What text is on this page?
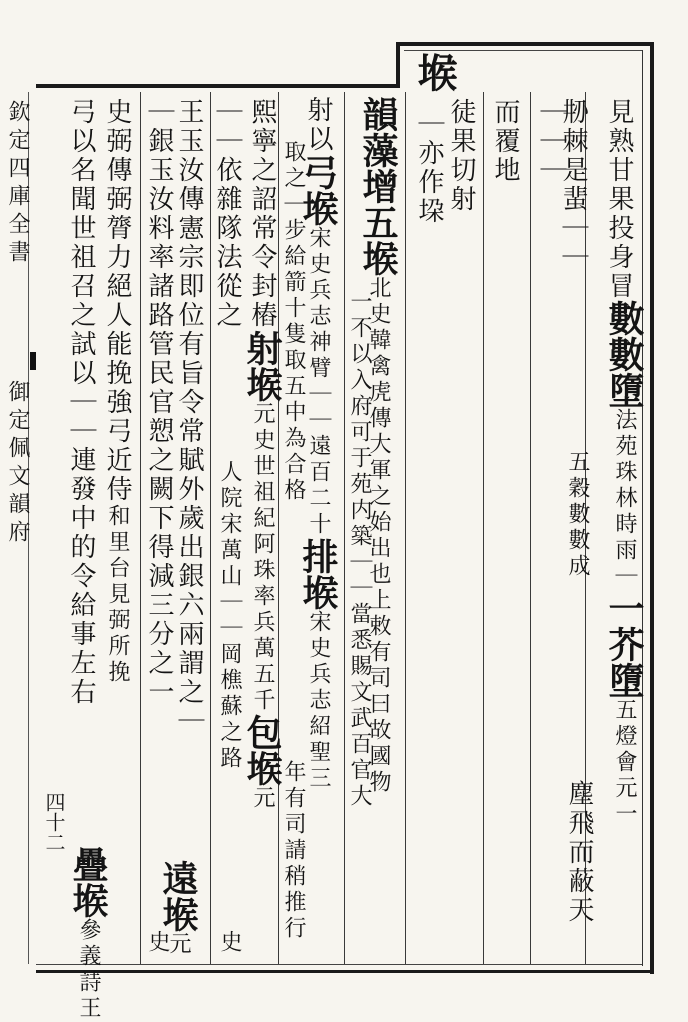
欽定四庫全書
御定佩文韻府
四十二
堠
見熟甘果投身冒
數數墮法苑珠林時雨｜一芥墮五燈會元一
刱棘是蜚｜｜
五穀數數成
塵飛而蔽天
｜｜｜
而覆地
徒果切射
｜亦作垜
韻藻增五堠北史韓禽虎傳大軍之始出也上敕有司曰故國物
一不以入府可于苑内築｜｜當悉賜文武百官大
射以弓堠宋史兵志神臂｜｜遠百二十排堠宋史兵志紹聖三
取之｜步給箭十隻取五中為合格
年有司請稍推行
熙寧之詔常令封樁射堠元史世祖紀阿珠率兵萬五千包堠元
｜｜依雜隊法從之
人院宋萬山｜｜岡樵蘇之路
史
王玉汝傳憲宗即位有旨令常賦外歲出銀六兩謂之｜
遠堠元
｜銀玉汝料率諸路管民官愬之闕下得減三分之一
史
史弼傳弼膂力絕人能挽強弓近侍和里台見弼所挽
弓以名聞世祖召之試以｜｜連發中的令給事左右
疊堠參義詩王
